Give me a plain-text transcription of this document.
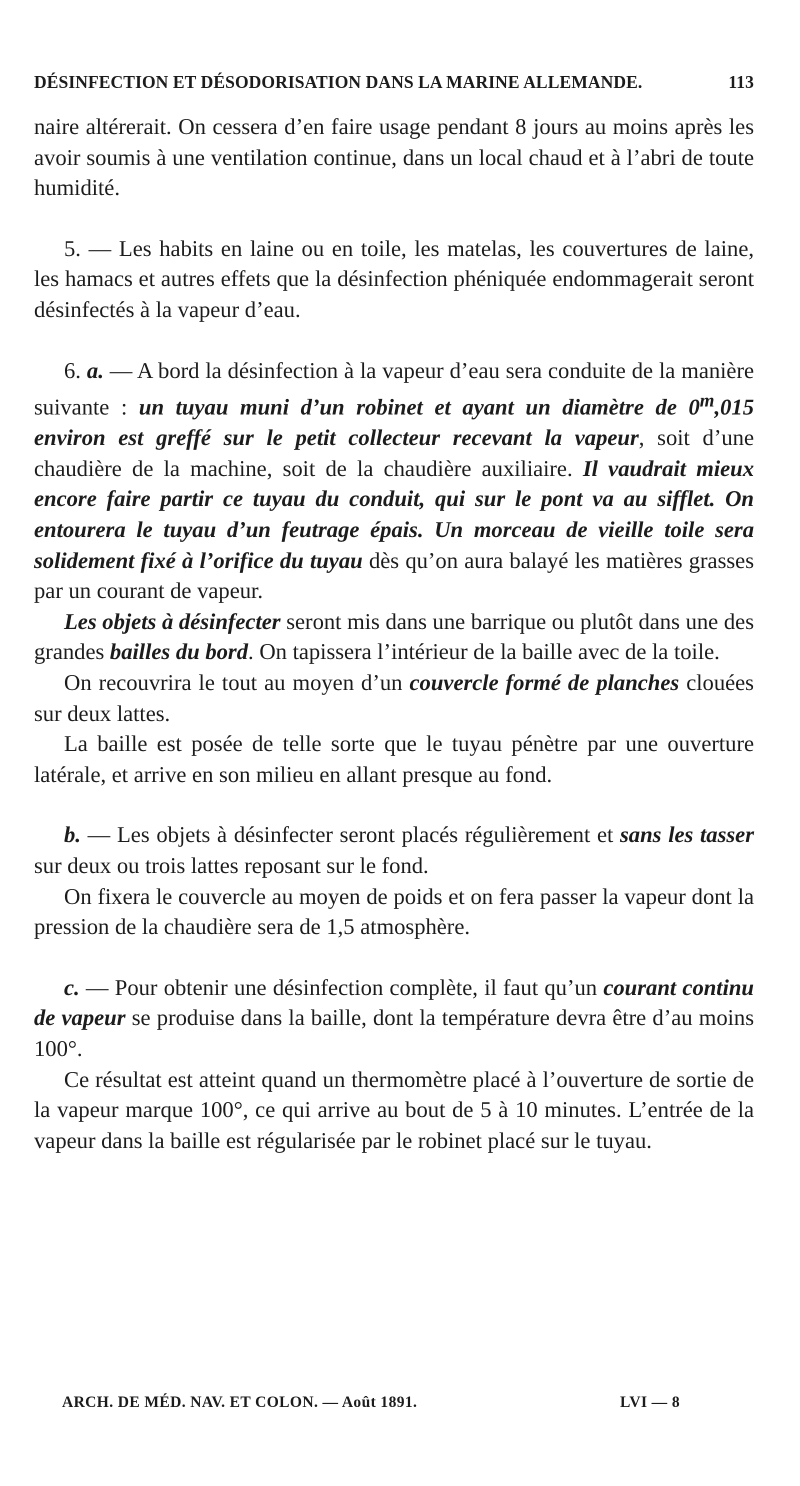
DÉSINFECTION ET DÉSODORISATION DANS LA MARINE ALLEMANDE.	113

naire altérerait. On cessera d’en faire usage pendant 8 jours au moins après les avoir soumis à une ventilation continue, dans un local chaud et à l’abri de toute humidité.

5. — Les habits en laine ou en toile, les matelas, les couvertures de laine, les hamacs et autres effets que la désinfection phéniquée endommagerait seront désinfectés à la vapeur d’eau.

6. a. — A bord la désinfection à la vapeur d’eau sera conduite de la manière suivante : un tuyau muni d’un robinet et ayant un diamètre de 0$^m$,015 environ est greffé sur le petit collecteur recevant la vapeur, soit d’une chaudière de la machine, soit de la chaudière auxiliaire. Il vaudrait mieux encore faire partir ce tuyau du conduit, qui sur le pont va au sifflet. On entourera le tuyau d’un feutrage épais. Un morceau de vieille toile sera solidement fixé à l’orifice du tuyau dès qu’on aura balayé les matières grasses par un courant de vapeur.

Les objets à désinfecter seront mis dans une barrique ou plutôt dans une des grandes bailles du bord. On tapissera l’intérieur de la baille avec de la toile.

On recouvrira le tout au moyen d’un couvercle formé de planches clouées sur deux lattes.

La baille est posée de telle sorte que le tuyau pénètre par une ouverture latérale, et arrive en son milieu en allant presque au fond.

b. — Les objets à désinfecter seront placés régulièrement et sans les tasser sur deux ou trois lattes reposant sur le fond.

On fixera le couvercle au moyen de poids et on fera passer la vapeur dont la pression de la chaudière sera de 1,5 atmosphère.

c. — Pour obtenir une désinfection complète, il faut qu’un courant continu de vapeur se produise dans la baille, dont la température devra être d’au moins 100°.

Ce résultat est atteint quand un thermomètre placé à l’ouverture de sortie de la vapeur marque 100°, ce qui arrive au bout de 5 à 10 minutes. L’entrée de la vapeur dans la baille est régularisée par le robinet placé sur le tuyau.

ARCH. DE MÉD. NAV. ET COLON. — Août 1891.	LVI — 8
